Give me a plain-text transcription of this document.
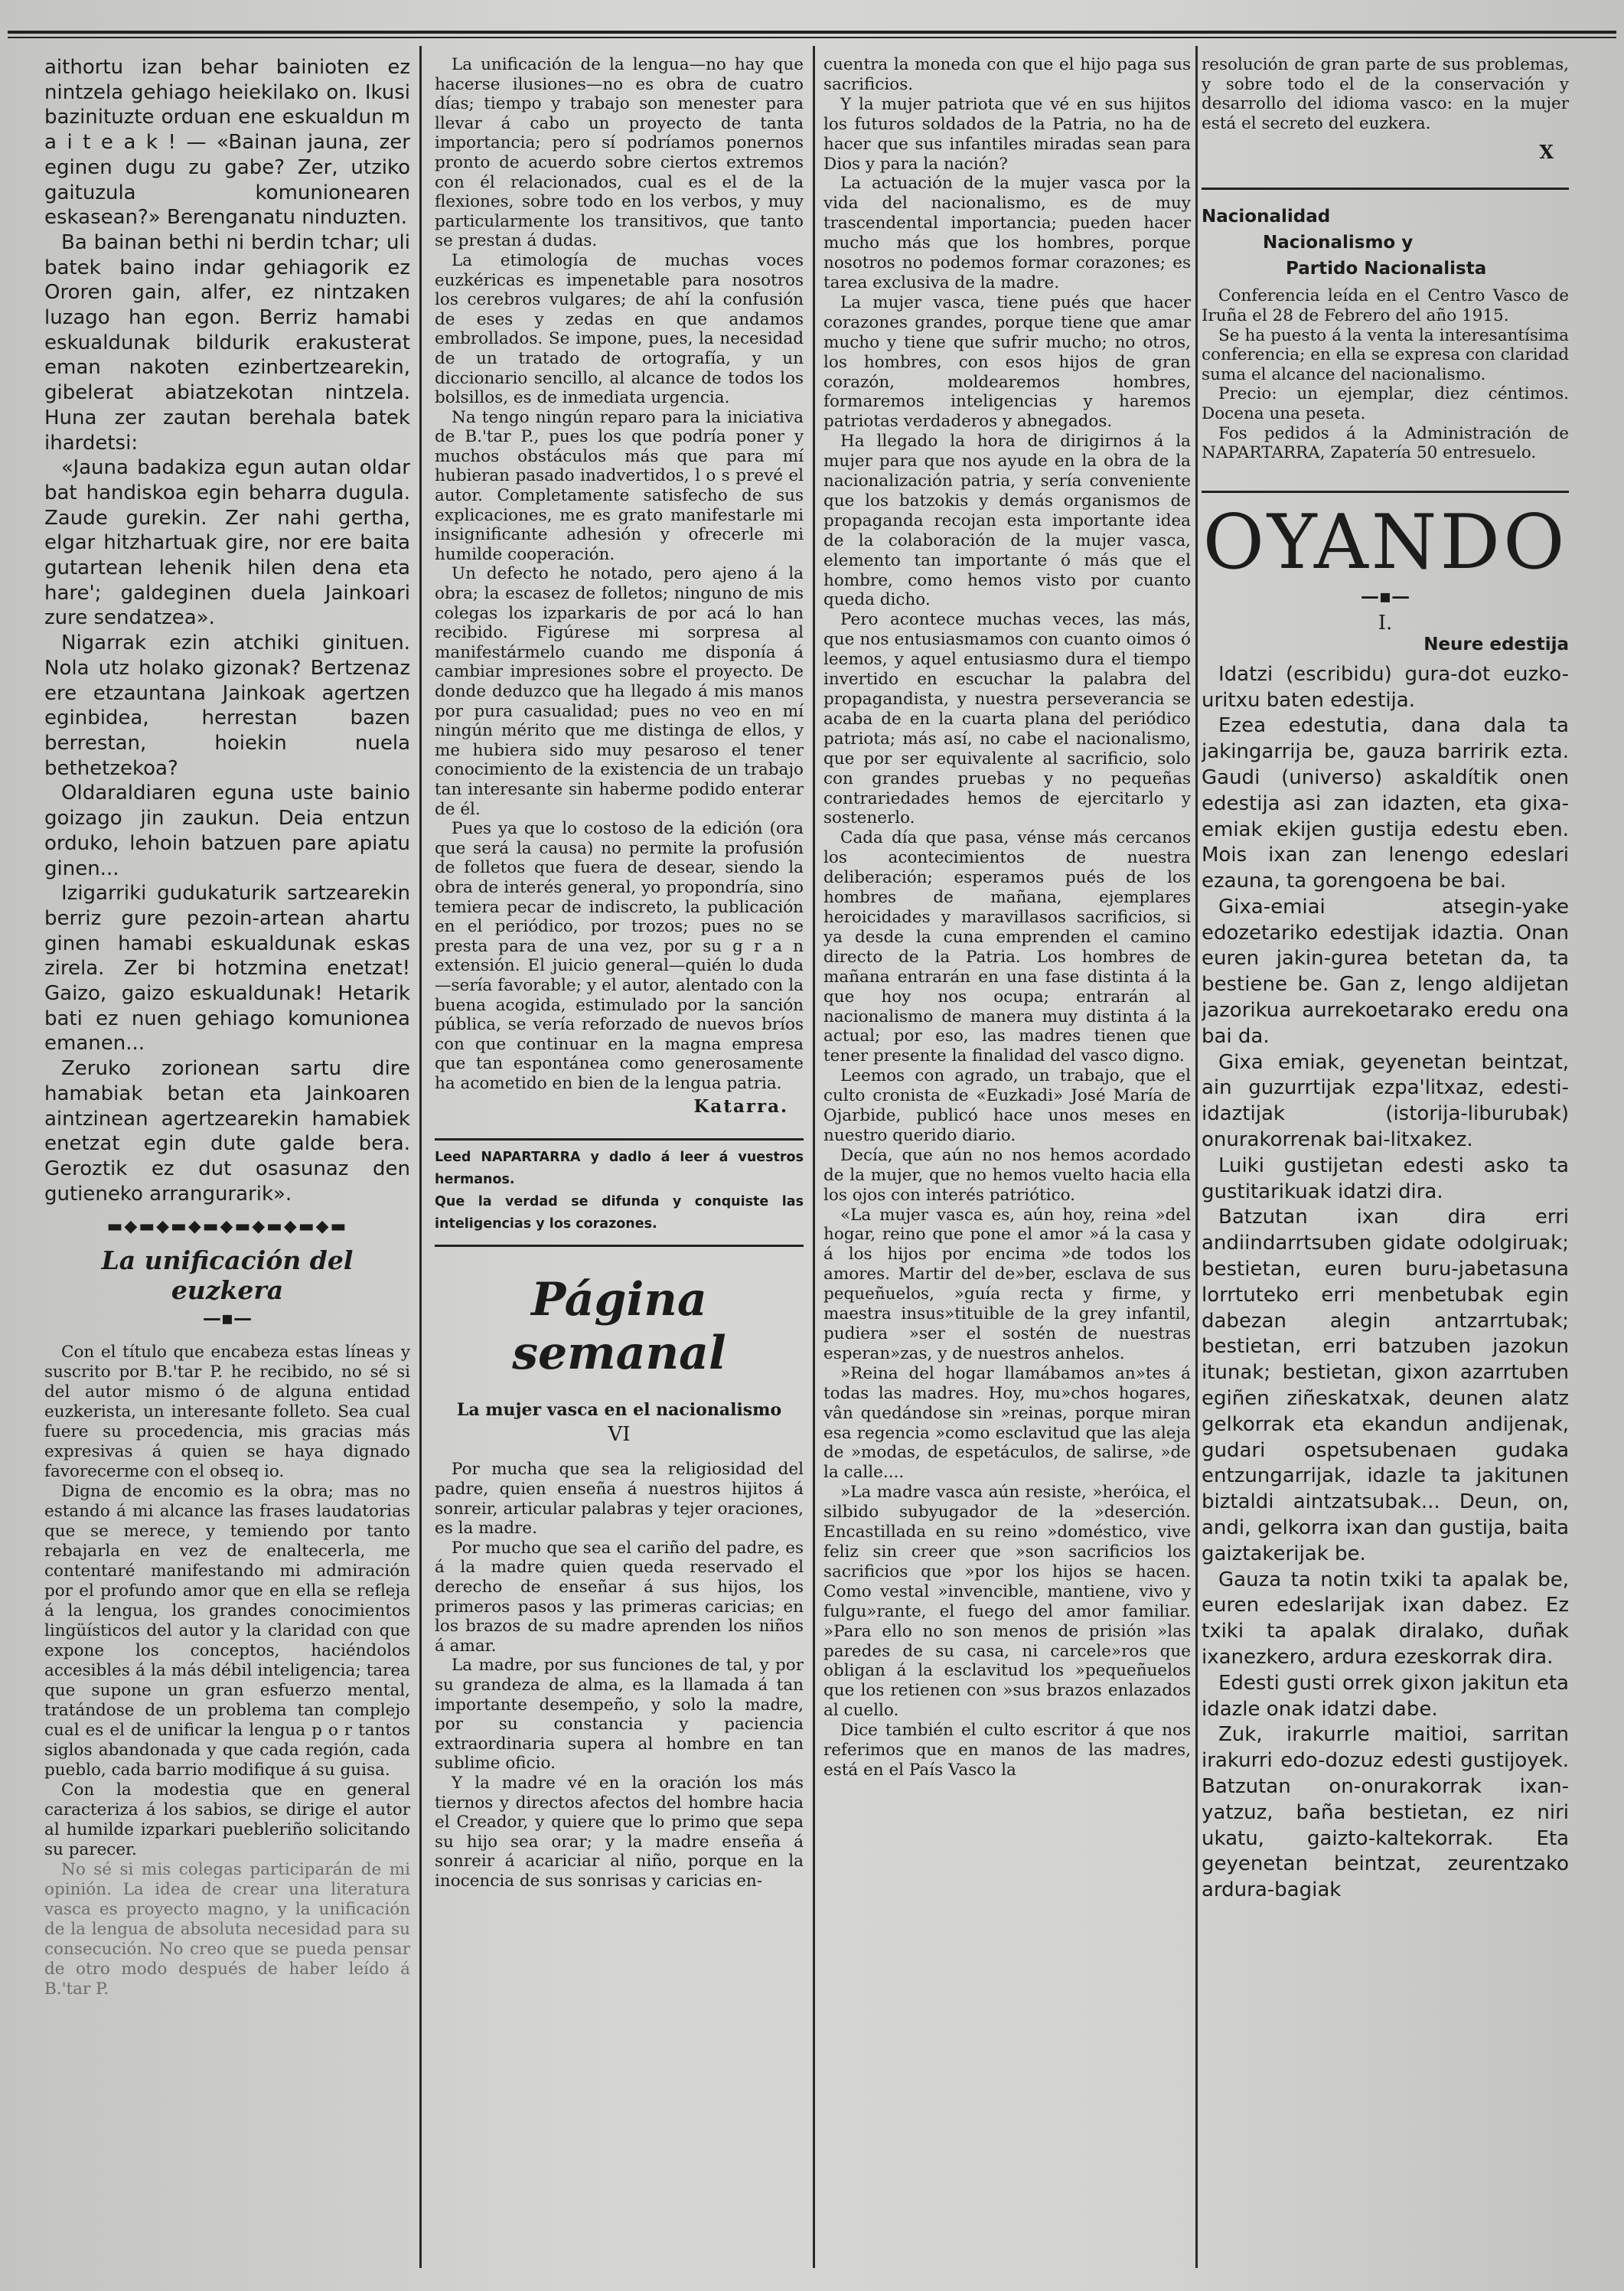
aithortu izan behar bainioten ez nintzela gehiago heiekilako on. Ikusi bazinituzte orduan ene eskualdun m a i t e a k ! — «Bainan jauna, zer eginen dugu zu gabe? Zer, utziko gaituzula komunionearen eskasean?» Berenganatu ninduzten.

Ba bainan bethi ni berdin tchar; uli batek baino indar gehiagorik ez Ororen gain, alfer, ez nintzaken luzago han egon. Berriz hamabi eskualdunak bildurik erakusterat eman nakoten ezinbertzearekin, gibelerat abiatzekotan nintzela. Huna zer zautan berehala batek ihardetsi:

«Jauna badakiza egun autan oldar bat handiskoa egin beharra dugula. Zaude gurekin. Zer nahi gertha, elgar hitzhartuak gire, nor ere baita gutartean lehenik hilen dena eta hare'; galdeginen duela Jainkoari zure sendatzea».

Nigarrak ezin atchiki ginituen. Nola utz holako gizonak? Bertzenaz ere etzauntana Jainkoak agertzen eginbidea, herrestan bazen berrestan, hoiekin nuela bethetzekoa?

Oldaraldiaren eguna uste bainio goizago jin zaukun. Deia entzun orduko, lehoin batzuen pare apiatu ginen...

Izigarriki gudukaturik sartzearekin berriz gure pezoin-artean ahartu ginen hamabi eskualdunak eskas zirela. Zer bi hotzmina enetzat! Gaizo, gaizo eskualdunak! Hetarik bati ez nuen gehiago komunionea emanen...

Zeruko zorionean sartu dire hamabiak betan eta Jainkoaren aintzinean agertzearekin hamabiek enetzat egin dute galde bera. Geroztik ez dut osasunaz den gutieneko arrangurarik».

▬◆▬◆▬◆▬◆▬◆▬◆▬◆▬
La unificación del euzkera
—▪—

Con el título que encabeza estas líneas y suscrito por B.'tar P. he recibido, no sé si del autor mismo ó de alguna entidad euzkerista, un interesante folleto. Sea cual fuere su procedencia, mis gracias más expresivas á quien se haya dignado favorecerme con el obseq io.

Digna de encomio es la obra; mas no estando á mi alcance las frases laudatorias que se merece, y temiendo por tanto rebajarla en vez de enaltecerla, me contentaré manifestando mi admiración por el profundo amor que en ella se refleja á la lengua, los grandes conocimientos lingüísticos del autor y la claridad con que expone los conceptos, haciéndolos accesibles á la más débil inteligencia; tarea que supone un gran esfuerzo mental, tratándose de un problema tan complejo cual es el de unificar la lengua p o r tantos siglos abandonada y que cada región, cada pueblo, cada barrio modifique á su guisa.

Con la modestia que en general caracteriza á los sabios, se dirige el autor al humilde izparkari puebleriño solicitando su parecer.

No sé si mis colegas participarán de mi opinión. La idea de crear una literatura vasca es proyecto magno, y la unificación de la lengua de absoluta necesidad para su consecución. No creo que se pueda pensar de otro modo después de haber leído á B.'tar P.

La unificación de la lengua—no hay que hacerse ilusiones—no es obra de cuatro días; tiempo y trabajo son menester para llevar á cabo un proyecto de tanta importancia; pero sí podríamos ponernos pronto de acuerdo sobre ciertos extremos con él relacionados, cual es el de la flexiones, sobre todo en los verbos, y muy particularmente los transitivos, que tanto se prestan á dudas.

La etimología de muchas voces euzkéricas es impenetable para nosotros los cerebros vulgares; de ahí la confusión de eses y zedas en que andamos embrollados. Se impone, pues, la necesidad de un tratado de ortografía, y un diccionario sencillo, al alcance de todos los bolsillos, es de inmediata urgencia.

Na tengo ningún reparo para la iniciativa de B.'tar P., pues los que podría poner y muchos obstáculos más que para mí hubieran pasado inadvertidos, l o s prevé el autor. Completamente satisfecho de sus explicaciones, me es grato manifestarle mi insignificante adhesión y ofrecerle mi humilde cooperación.

Un defecto he notado, pero ajeno á la obra; la escasez de folletos; ninguno de mis colegas los izparkaris de por acá lo han recibido. Figúrese mi sorpresa al manifestármelo cuando me disponía á cambiar impresiones sobre el proyecto. De donde deduzco que ha llegado á mis manos por pura casualidad; pues no veo en mí ningún mérito que me distinga de ellos, y me hubiera sido muy pesaroso el tener conocimiento de la existencia de un trabajo tan interesante sin haberme podido enterar de él.

Pues ya que lo costoso de la edición (ora que será la causa) no permite la profusión de folletos que fuera de desear, siendo la obra de interés general, yo propondría, sino temiera pecar de indiscreto, la publicación en el periódico, por trozos; pues no se presta para de una vez, por su g r a n extensión. El juicio general—quién lo duda—sería favorable; y el autor, alentado con la buena acogida, estimulado por la sanción pública, se vería reforzado de nuevos bríos con que continuar en la magna empresa que tan espontánea como generosamente ha acometido en bien de la lengua patria.

Katarra.

Leed NAPARTARRA y dadlo á leer á vuestros hermanos.

Que la verdad se difunda y conquiste las inteligencias y los corazones.

Página semanal
La mujer vasca en el nacionalismo
VI

Por mucha que sea la religiosidad del padre, quien enseña á nuestros hijitos á sonreir, articular palabras y tejer oraciones, es la madre.

Por mucho que sea el cariño del padre, es á la madre quien queda reservado el derecho de enseñar á sus hijos, los primeros pasos y las primeras caricias; en los brazos de su madre aprenden los niños á amar.

La madre, por sus funciones de tal, y por su grandeza de alma, es la llamada á tan importante desempeño, y solo la madre, por su constancia y paciencia extraordinaria supera al hombre en tan sublime oficio.

Y la madre vé en la oración los más tiernos y directos afectos del hombre hacia el Creador, y quiere que lo primo que sepa su hijo sea orar; y la madre enseña á sonreir á acariciar al niño, porque en la inocencia de sus sonrisas y caricias en-

cuentra la moneda con que el hijo paga sus sacrificios.

Y la mujer patriota que vé en sus hijitos los futuros soldados de la Patria, no ha de hacer que sus infantiles miradas sean para Dios y para la nación?

La actuación de la mujer vasca por la vida del nacionalismo, es de muy trascendental importancia; pueden hacer mucho más que los hombres, porque nosotros no podemos formar corazones; es tarea exclusiva de la madre.

La mujer vasca, tiene pués que hacer corazones grandes, porque tiene que amar mucho y tiene que sufrir mucho; no otros, los hombres, con esos hijos de gran corazón, moldearemos hombres, formaremos inteligencias y haremos patriotas verdaderos y abnegados.

Ha llegado la hora de dirigirnos á la mujer para que nos ayude en la obra de la nacionalización patria, y sería conveniente que los batzokis y demás organismos de propaganda recojan esta importante idea de la colaboración de la mujer vasca, elemento tan importante ó más que el hombre, como hemos visto por cuanto queda dicho.

Pero acontece muchas veces, las más, que nos entusiasmamos con cuanto oimos ó leemos, y aquel entusiasmo dura el tiempo invertido en escuchar la palabra del propagandista, y nuestra perseverancia se acaba de en la cuarta plana del periódico patriota; más así, no cabe el nacionalismo, que por ser equivalente al sacrificio, solo con grandes pruebas y no pequeñas contrariedades hemos de ejercitarlo y sostenerlo.

Cada día que pasa, vénse más cercanos los acontecimientos de nuestra deliberación; esperamos pués de los hombres de mañana, ejemplares heroicidades y maravillasos sacrificios, si ya desde la cuna emprenden el camino directo de la Patria. Los hombres de mañana entrarán en una fase distinta á la que hoy nos ocupa; entrarán al nacionalismo de manera muy distinta á la actual; por eso, las madres tienen que tener presente la finalidad del vasco digno.

Leemos con agrado, un trabajo, que el culto cronista de «Euzkadi» José María de Ojarbide, publicó hace unos meses en nuestro querido diario.

Decía, que aún no nos hemos acordado de la mujer, que no hemos vuelto hacia ella los ojos con interés patriótico.

«La mujer vasca es, aún hoy, reina »del hogar, reino que pone el amor »á la casa y á los hijos por encima »de todos los amores. Martir del de»ber, esclava de sus pequeñuelos, »guía recta y firme, y maestra insus»tituible de la grey infantil, pudiera »ser el sostén de nuestras esperan»zas, y de nuestros anhelos.

»Reina del hogar llamábamos an»tes á todas las madres. Hoy, mu»chos hogares, vân quedándose sin »reinas, porque miran esa regencia »como esclavitud que las aleja de »modas, de espetáculos, de salirse, »de la calle....

»La madre vasca aún resiste, »heróica, el silbido subyugador de la »deserción. Encastillada en su reino »doméstico, vive feliz sin creer que »son sacrificios los sacrificios que »por los hijos se hacen. Como vestal »invencible, mantiene, vivo y fulgu»rante, el fuego del amor familiar. »Para ello no son menos de prisión »las paredes de su casa, ni carcele»ros que obligan á la esclavitud los »pequeñuelos que los retienen con »sus brazos enlazados al cuello.

Dice también el culto escritor á que nos referimos que en manos de las madres, está en el País Vasco la

resolución de gran parte de sus problemas, y sobre todo el de la conservación y desarrollo del idioma vasco: en la mujer está el secreto del euzkera.

X

Nacionalidad

Nacionalismo y

Partido Nacionalista

Conferencia leída en el Centro Vasco de Iruña el 28 de Febrero del año 1915.

Se ha puesto á la venta la interesantísima conferencia; en ella se expresa con claridad suma el alcance del nacionalismo.

Precio: un ejemplar, diez céntimos. Docena una peseta.

Fos pedidos á la Administración de NAPARTARRA, Zapatería 50 entresuelo.

OYANDO

—▪—
I.

Neure edestija

Idatzi (escribidu) gura-dot euzko-uritxu baten edestija.

Ezea edestutia, dana dala ta jakingarrija be, gauza barririk ezta. Gaudi (universo) askaldítik onen edestija asi zan idazten, eta gixa-emiak ekijen gustija edestu eben. Mois ixan zan lenengo edeslari ezauna, ta gorengoena be bai.

Gixa-emiai atsegin-yake edozetariko edestijak idaztia. Onan euren jakin-gurea betetan da, ta bestiene be. Gan z, lengo aldijetan jazorikua aurrekoetarako eredu ona bai da.

Gixa emiak, geyenetan beintzat, ain guzurrtijak ezpa'litxaz, edesti-idaztijak (istorija-liburubak) onurakorrenak bai-litxakez.

Luiki gustijetan edesti asko ta gustitarikuak idatzi dira.

Batzutan ixan dira erri andiindarrtsuben gidate odolgiruak; bestietan, euren buru-jabetasuna lorrtuteko erri menbetubak egin dabezan alegin antzarrtubak; bestietan, erri batzuben jazokun itunak; bestietan, gixon azarrtuben egiñen ziñeskatxak, deunen alatz gelkorrak eta ekandun andijenak, gudari ospetsubenaen gudaka entzungarrijak, idazle ta jakitunen biztaldi aintzatsubak... Deun, on, andi, gelkorra ixan dan gustija, baita gaiztakerijak be.

Gauza ta notin txiki ta apalak be, euren edeslarijak ixan dabez. Ez txiki ta apalak diralako, duñak ixanezkero, ardura ezeskorrak dira.

Edesti gusti orrek gixon jakitun eta idazle onak idatzi dabe.

Zuk, irakurrle maitioi, sarritan irakurri edo-dozuz edesti gustijoyek. Batzutan on-onurakorrak ixan-yatzuz, baña bestietan, ez niri ukatu, gaizto-kaltekorrak. Eta geyenetan beintzat, zeurentzako ardura-bagiak
